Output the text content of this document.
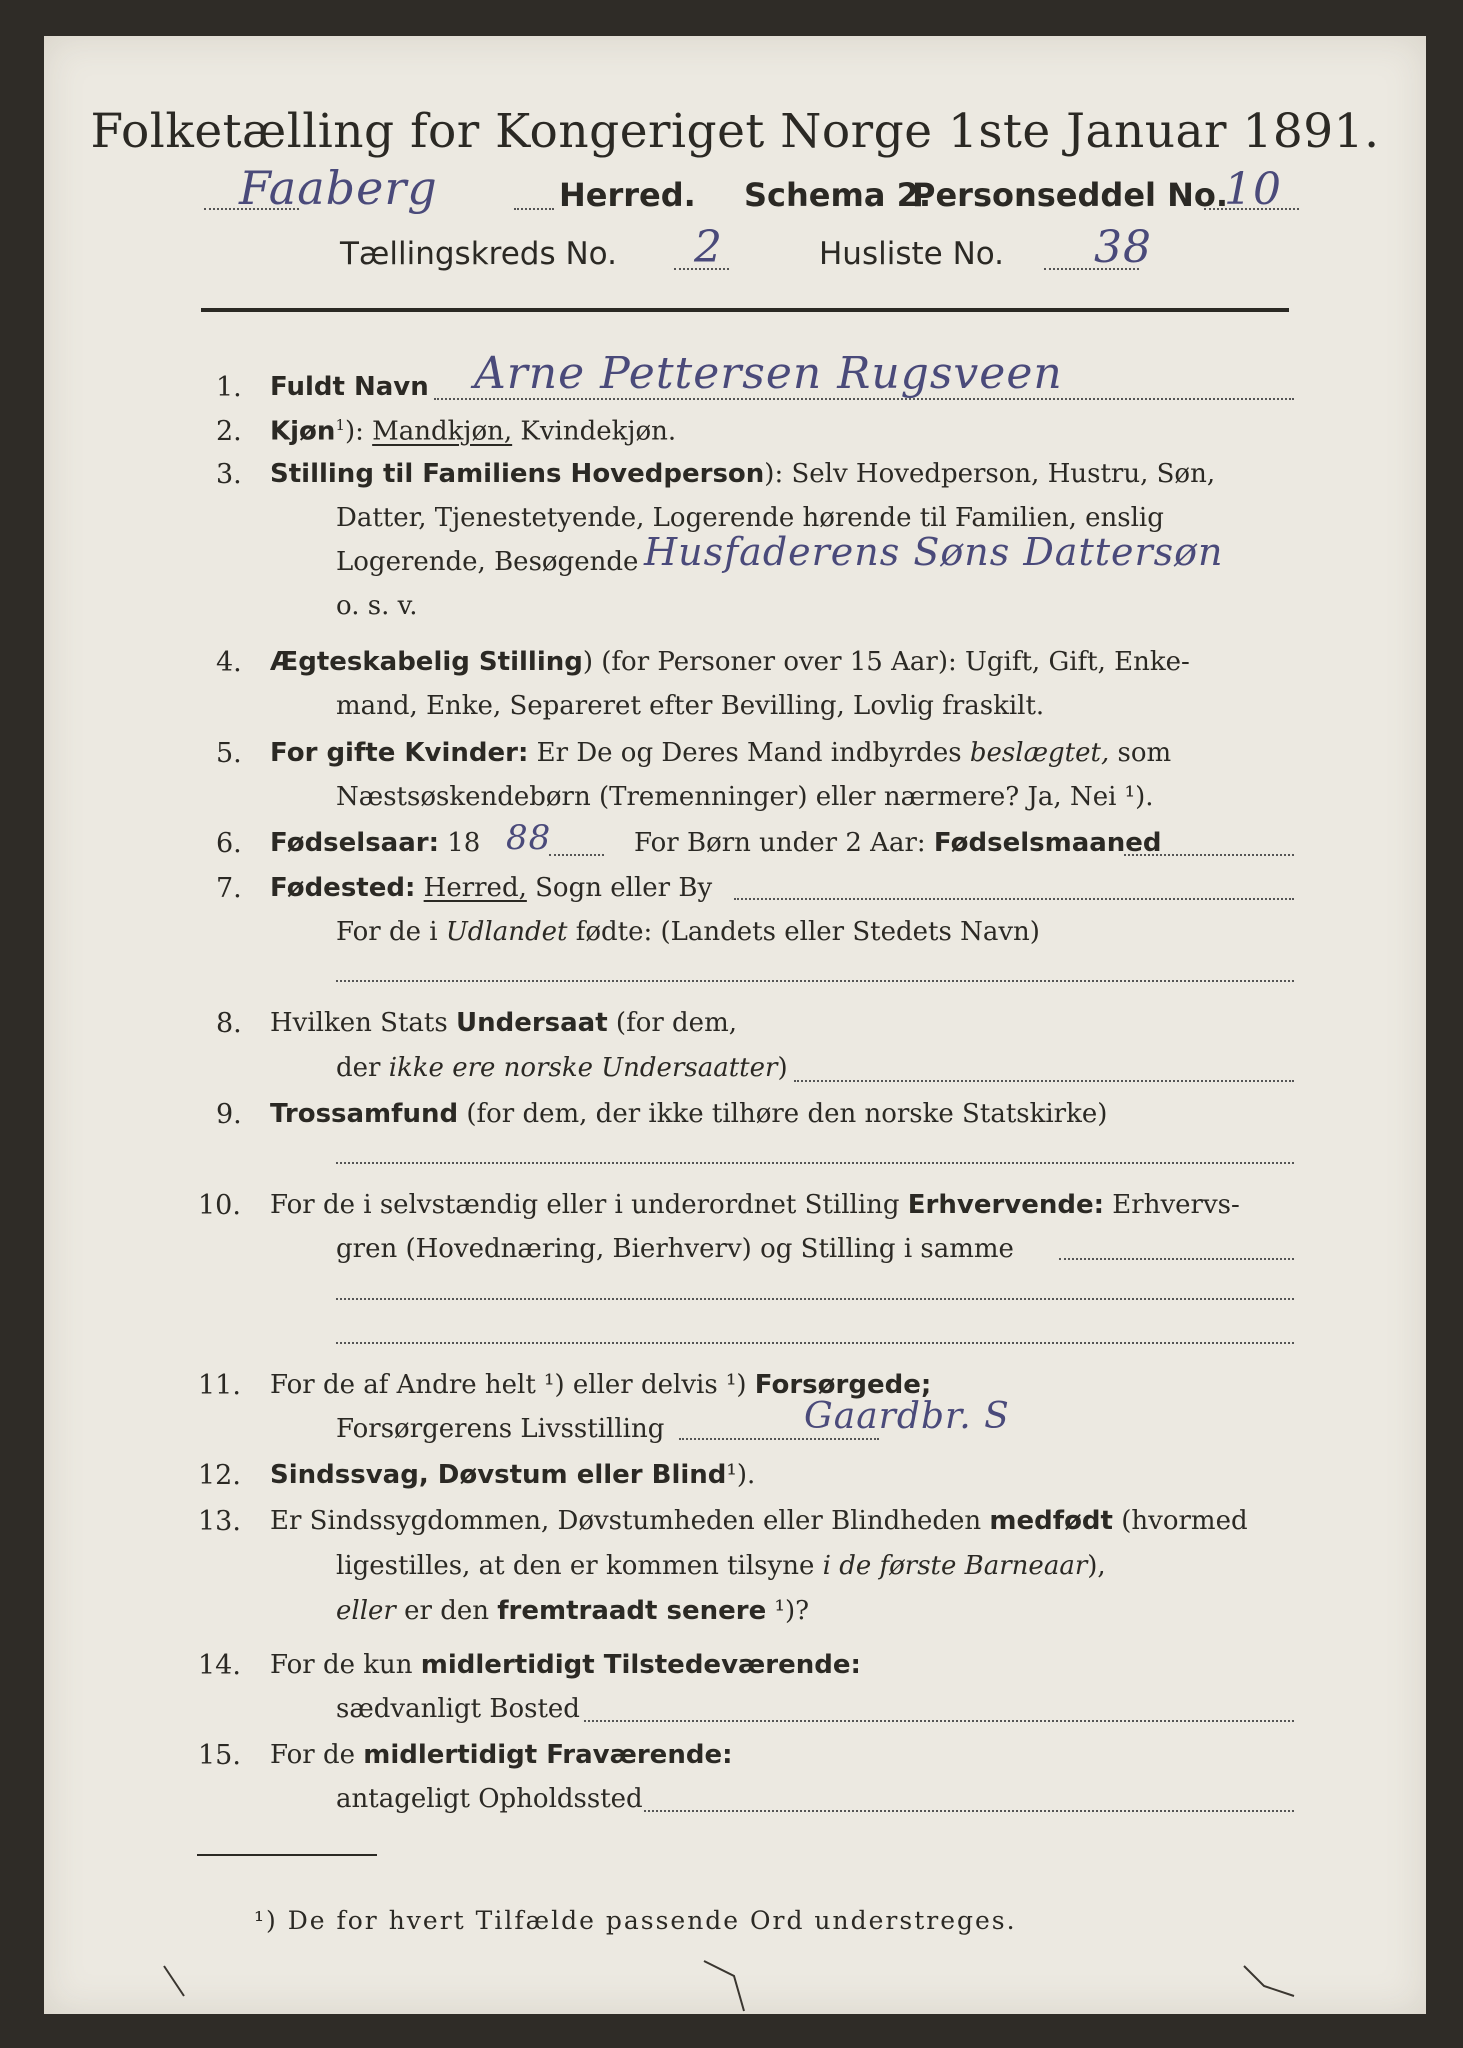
Folketælling for Kongeriget Norge 1ste Januar 1891.
Faaberg	Herred. Schema 2.
Personseddel No.
10
Tællingskreds No. 2	Husliste No. 38
1. Fuldt Navn Arne Pettersen Rugsveen
2. Kjøn$^1$): Mandkjøn, Kvindekjøn.
3. Stilling til Familiens Hovedperson): Selv Hovedperson, Hustru, Søn,
Datter, Tjenestetyende, Logerende hørende til Familien, enslig
Logerende, Besøgende Husfaderens Søns Dattersøn
o. s. v.
4. Ægteskabelig Stilling) (for Personer over 15 Aar): Ugift, Gift, Enke-
mand, Enke, Separeret efter Bevilling, Lovlig fraskilt.
5. For gifte Kvinder: Er De og Deres Mand indbyrdes beslægtet, som
Næstsøskendebørn (Tremenninger) eller nærmere? Ja, Nei ¹).
6. Fødselsaar: 18 88	For Børn under 2 Aar: Fødselsmaaned
7. Fødested: Herred, Sogn eller By
For de i Udlandet fødte: (Landets eller Stedets Navn)
8. Hvilken Stats Undersaat (for dem,
der ikke ere norske Undersaatter)
9. Trossamfund (for dem, der ikke tilhøre den norske Statskirke)
10. For de i selvstændig eller i underordnet Stilling Erhvervende: Erhvervs-
gren (Hovednæring, Bierhverv) og Stilling i samme
11. For de af Andre helt ¹) eller delvis ¹) Forsørgede;
Forsørgerens Livsstilling	Gaardbr. S
12. Sindssvag, Døvstum eller Blind¹).
13. Er Sindssygdommen, Døvstumheden eller Blindheden medfødt (hvormed
ligestilles, at den er kommen tilsyne i de første Barneaar),
eller er den fremtraadt senere ¹)?
14. For de kun midlertidigt Tilstedeværende:
sædvanligt Bosted
15. For de midlertidigt Fraværende:
antageligt Opholdssted
¹) De for hvert Tilfælde passende Ord understreges.
